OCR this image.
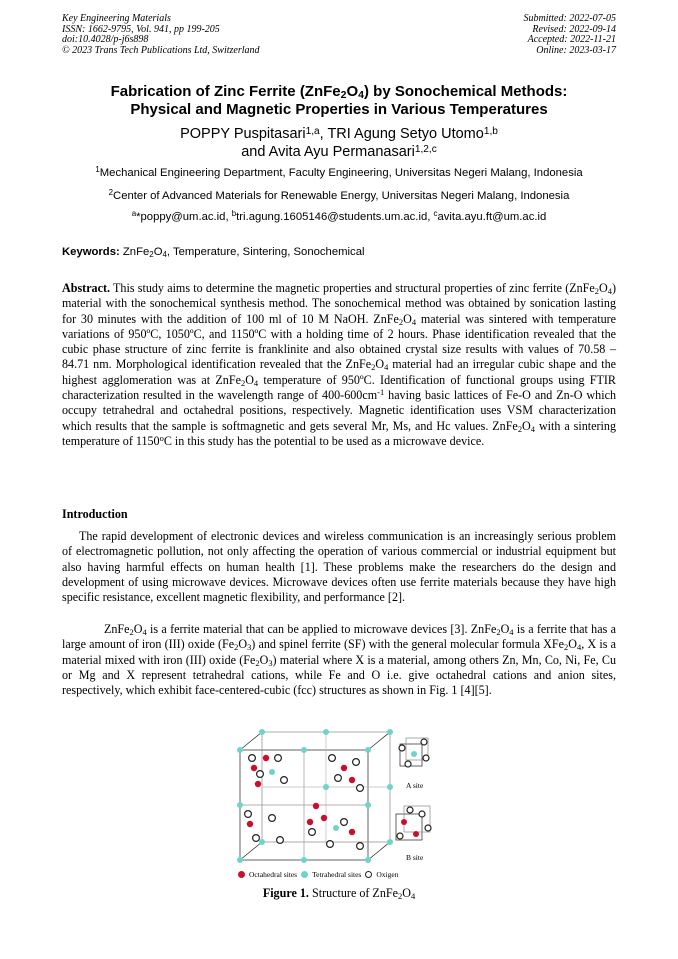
Key Engineering Materials
ISSN: 1662-9795, Vol. 941, pp 199-205
doi:10.4028/p-j6s898
© 2023 Trans Tech Publications Ltd, Switzerland
Submitted: 2022-07-05
Revised: 2022-09-14
Accepted: 2022-11-21
Online: 2023-03-17
Fabrication of Zinc Ferrite $(ZnFe_2O_4)$ by Sonochemical Methods:
Physical and Magnetic Properties in Various Temperatures
POPPY Puspitasari$^{1,a}$, TRI Agung Setyo Utomo$^{1,b}$
and Avita Ayu Permanasari$^{1,2,c}$
$^1$Mechanical Engineering Department, Faculty Engineering, Universitas Negeri Malang, Indonesia
$^2$Center of Advanced Materials for Renewable Energy, Universitas Negeri Malang, Indonesia
$^a$*poppy@um.ac.id, $^b$tri.agung.1605146@students.um.ac.id, $^c$avita.ayu.ft@um.ac.id
Keywords: $ZnFe_2O_4$, Temperature, Sintering, Sonochemical
Abstract. This study aims to determine the magnetic properties and structural properties of zinc ferrite $(ZnFe_2O_4)$ material with the sonochemical synthesis method. The sonochemical method was obtained by sonication lasting for 30 minutes with the addition of 100 ml of 10 M NaOH. $ZnFe_2O_4$ material was sintered with temperature variations of 950ºC, 1050ºC, and 1150ºC with a holding time of 2 hours. Phase identification revealed that the cubic phase structure of zinc ferrite is franklinite and also obtained crystal size results with values of 70.58 – 84.71 nm. Morphological identification revealed that the $ZnFe_2O_4$ material had an irregular cubic shape and the highest agglomeration was at $ZnFe_2O_4$ temperature of 950ºC. Identification of functional groups using FTIR characterization resulted in the wavelength range of $400-600cm^{-1}$ having basic lattices of Fe-O and Zn-O which occupy tetrahedral and octahedral positions, respectively. Magnetic identification uses VSM characterization which results that the sample is softmagnetic and gets several Mr, Ms, and Hc values. $ZnFe_2O_4$ with a sintering temperature of 1150$^o$C in this study has the potential to be used as a microwave device.
Introduction
The rapid development of electronic devices and wireless communication is an increasingly serious problem of electromagnetic pollution, not only affecting the operation of various commercial or industrial equipment but also having harmful effects on human health [1]. These problems make the researchers do the design and development of using microwave devices. Microwave devices often use ferrite materials because they have high specific resistance, excellent magnetic flexibility, and performance [2].
$ZnFe_2O_4$ is a ferrite material that can be applied to microwave devices [3]. $ZnFe_2O_4$ is a ferrite that has a large amount of iron (III) oxide $(Fe_2O_3)$ and spinel ferrite (SF) with the general molecular formula $XFe_2O_4$, X is a material mixed with iron (III) oxide $(Fe_2O_3)$ material where X is a material, among others Zn, Mn, Co, Ni, Fe, Cu or Mg and X represent tetrahedral cations, while Fe and O i.e. give octahedral cations and anion sites, respectively, which exhibit face-centered-cubic (fcc) structures as shown in Fig. 1 [4][5].
A site
B site
Octahedral sites Tetrahedral sites Oxigen
Figure 1. Structure of $ZnFe_2O_4$
